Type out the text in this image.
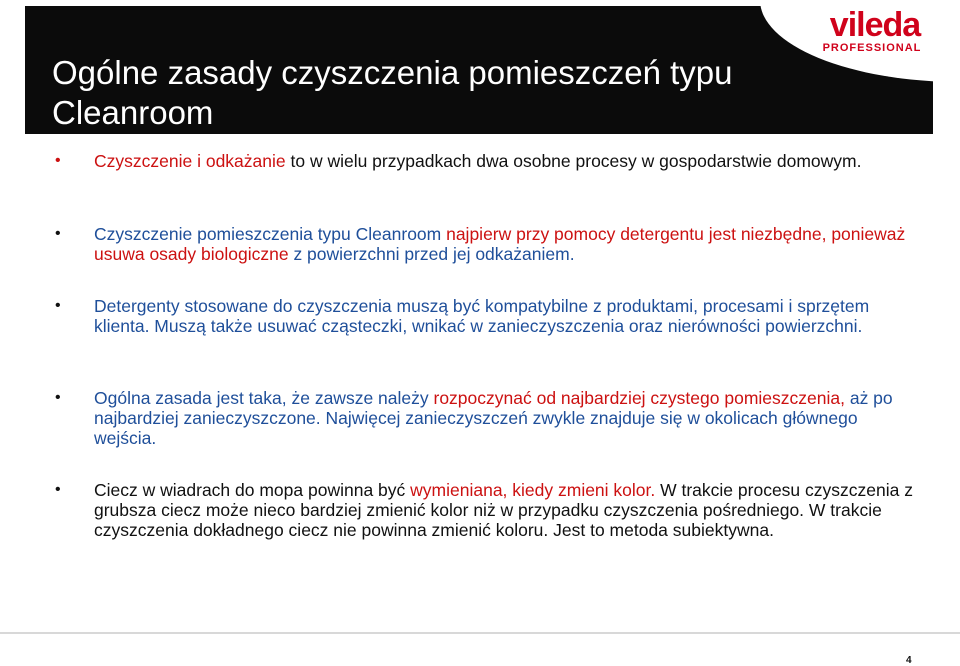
Ogólne zasady czyszczenia pomieszczeń typu Cleanroom
vileda
PROFESSIONAL
• Czyszczenie i odkażanie to w wielu przypadkach dwa osobne procesy w gospodarstwie domowym.
• Czyszczenie pomieszczenia typu Cleanroom najpierw przy pomocy detergentu jest niezbędne, ponieważ usuwa osady biologiczne z powierzchni przed jej odkażaniem.
• Detergenty stosowane do czyszczenia muszą być kompatybilne z produktami, procesami i sprzętem klienta. Muszą także usuwać cząsteczki, wnikać w zanieczyszczenia oraz nierówności powierzchni.
• Ogólna zasada jest taka, że zawsze należy rozpoczynać od najbardziej czystego pomieszczenia, aż po najbardziej zanieczyszczone. Najwięcej zanieczyszczeń zwykle znajduje się w okolicach głównego wejścia.
• Ciecz w wiadrach do mopa powinna być wymieniana, kiedy zmieni kolor. W trakcie procesu czyszczenia z grubsza ciecz może nieco bardziej zmienić kolor niż w przypadku czyszczenia pośredniego. W trakcie czyszczenia dokładnego ciecz nie powinna zmienić koloru. Jest to metoda subiektywna.
4
